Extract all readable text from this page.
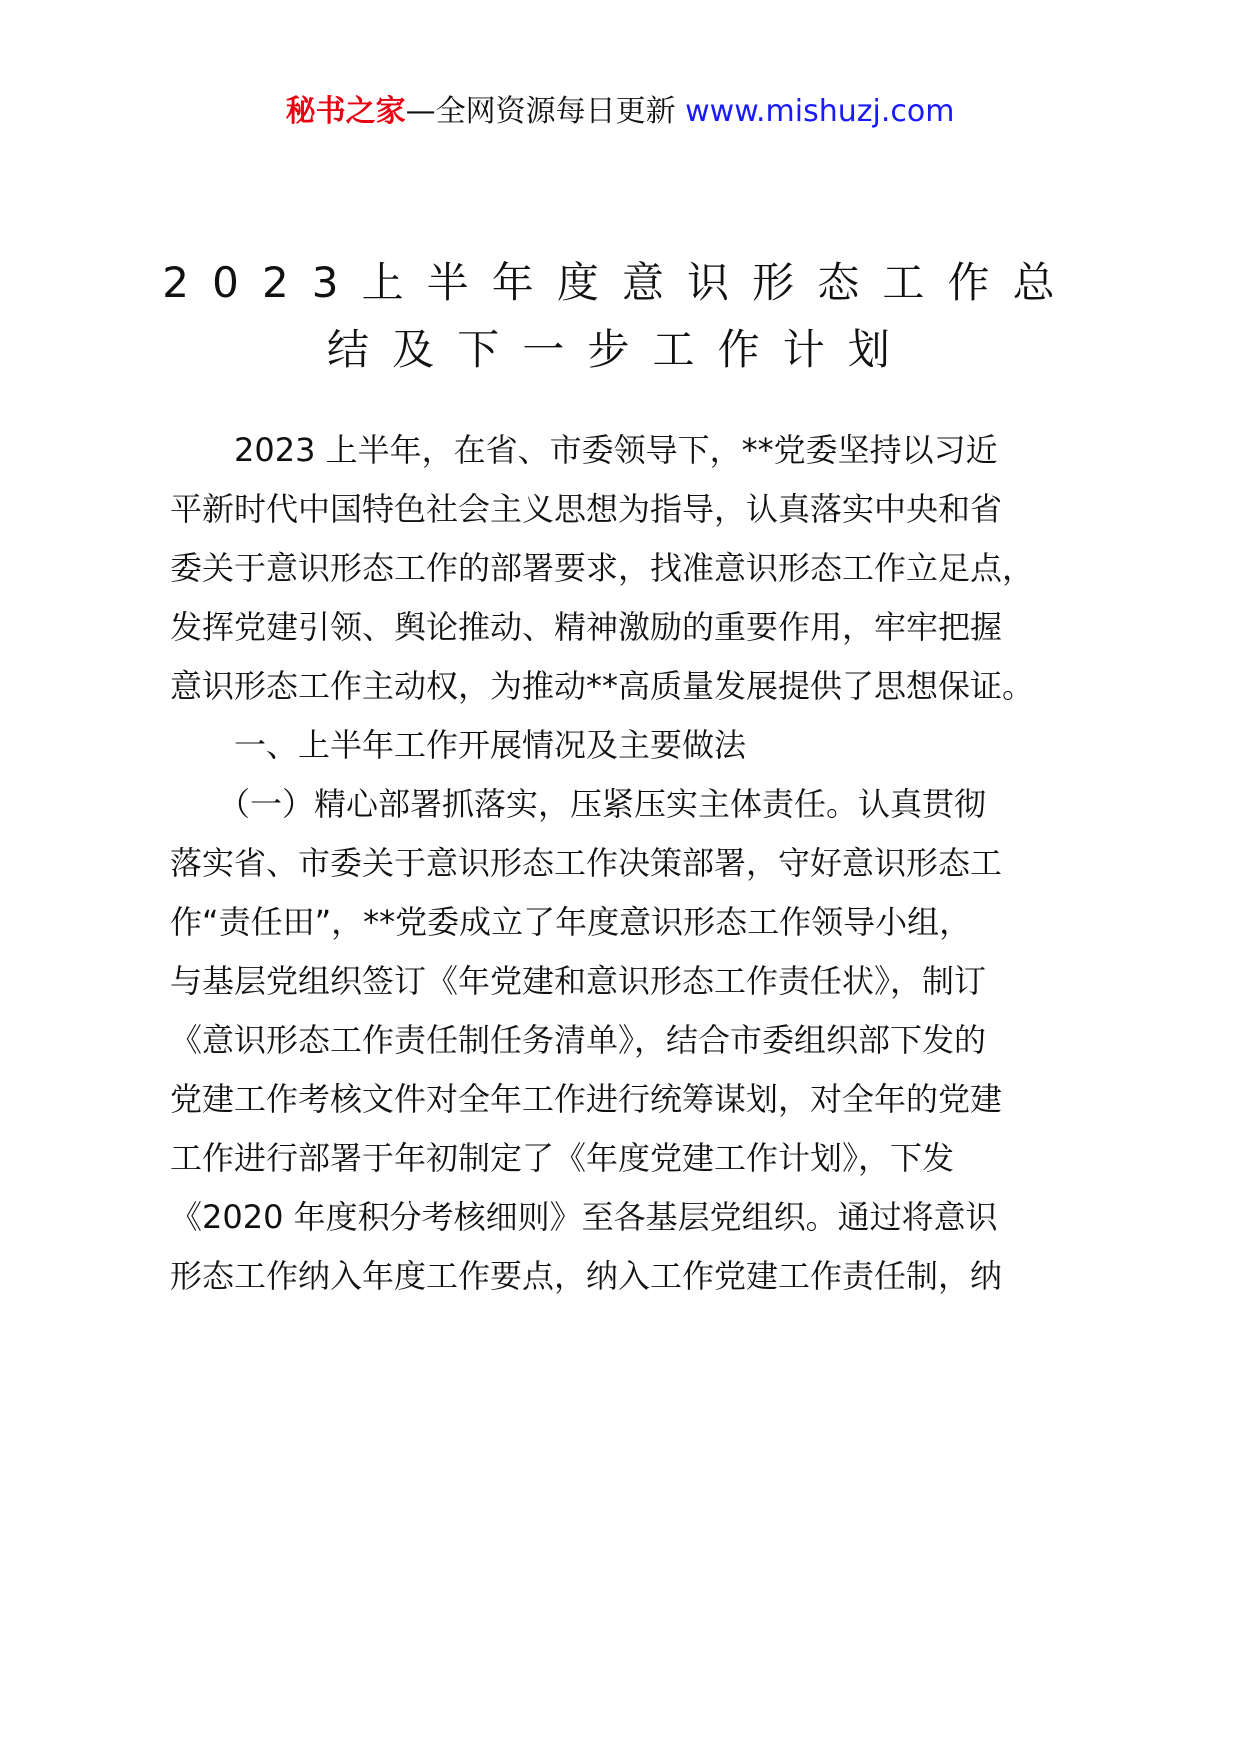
秘书之家—全网资源每日更新 www.mishuzj.com
2023上半年度意识形态工作总
结及下一步工作计划
　　2023 上半年，在省、市委领导下，**党委坚持以习近
平新时代中国特色社会主义思想为指导，认真落实中央和省
委关于意识形态工作的部署要求，找准意识形态工作立足点，
发挥党建引领、舆论推动、精神激励的重要作用，牢牢把握
意识形态工作主动权，为推动**高质量发展提供了思想保证。
　　一、上半年工作开展情况及主要做法
　　（一）精心部署抓落实，压紧压实主体责任。认真贯彻
落实省、市委关于意识形态工作决策部署，守好意识形态工
作“责任田”，**党委成立了年度意识形态工作领导小组，
与基层党组织签订《年党建和意识形态工作责任状》，制订
《意识形态工作责任制任务清单》，结合市委组织部下发的
党建工作考核文件对全年工作进行统筹谋划，对全年的党建
工作进行部署于年初制定了《年度党建工作计划》，下发
《2020 年度积分考核细则》至各基层党组织。通过将意识
形态工作纳入年度工作要点，纳入工作党建工作责任制，纳
